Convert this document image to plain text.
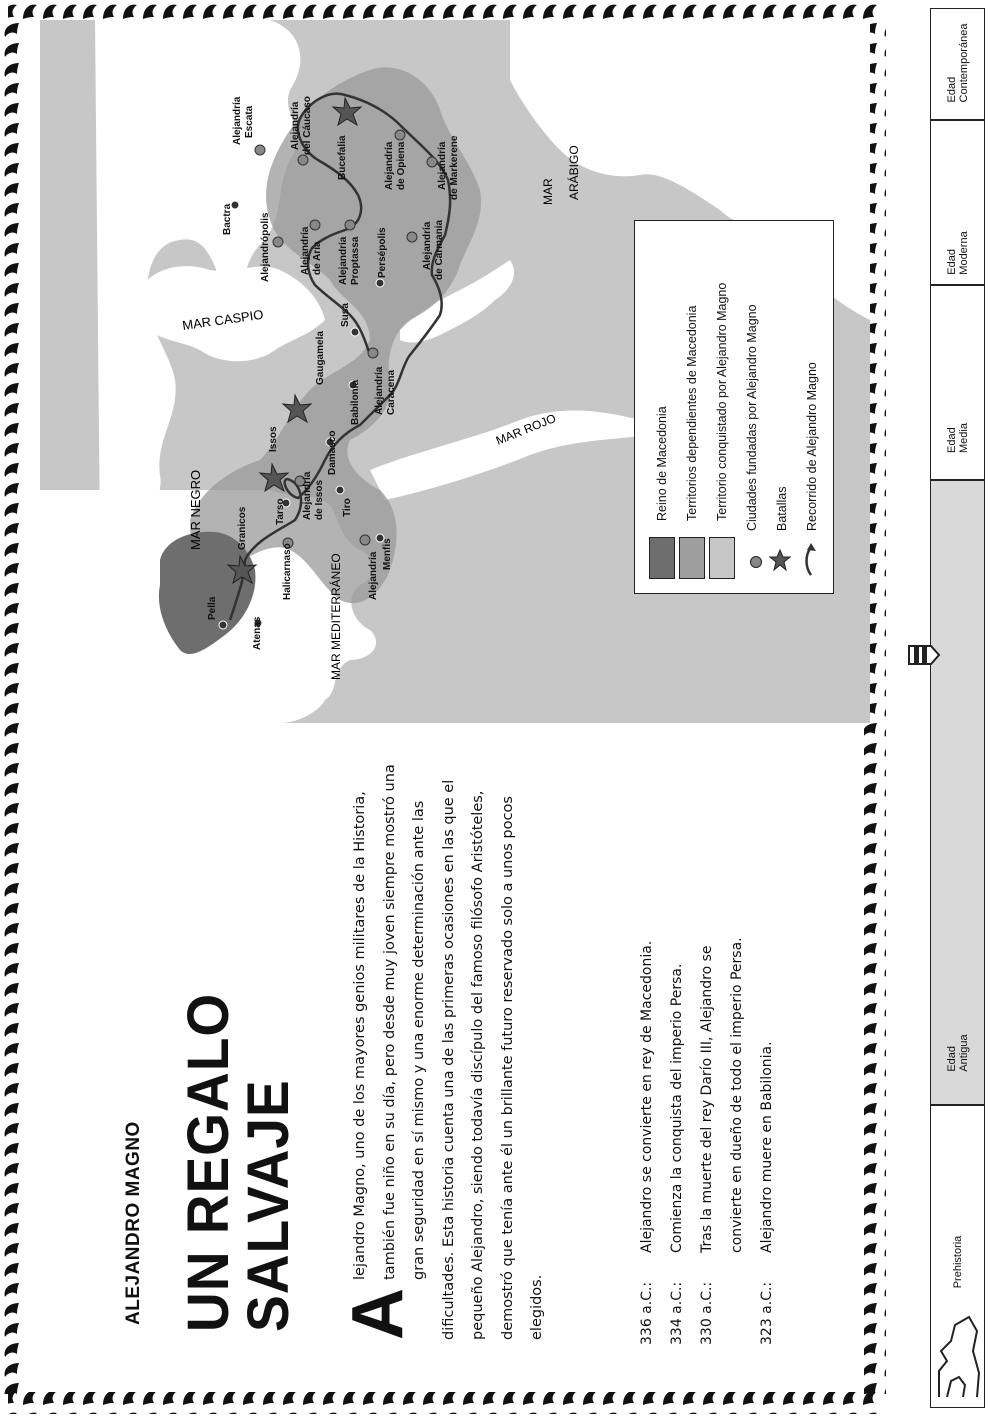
MAR CASPIO
MAR NEGRO
MAR MEDITERRÁNEO
MAR ROJO
MAR ARÁBIGO
Pella
Atenas
Halicarnaso
Granicos	Tarso
Issos
Alejandría de Issos Tiro
Alejandría Menfis
Damasco
Gaugamela
Babilonia Alejandría Caracena
Susa
Persépolis
Alejandría Proptassa
Alejandría de Aria
Alejandrópolis
Bactra
Alejandría Escata	Alejandría del Cáucaso
Bucefalia	Alejandría de Opiena	Alejandría de Markerene
Alejandría de Carmania
Reino de Macedonia Territorios dependientes de Macedonia Territorio conquistado por Alejandro Magno Ciudades fundadas por Alejandro Magno Batallas Recorrido de Alejandro Magno
ALEJANDRO MAGNO UN REGALO
SALVAJE A
lejandro Magno, uno de los mayores genios militares de la Historia, también fue niño en su día, pero desde muy joven siempre mostró una gran seguridad en sí mismo y una enorme determinación ante las dificultades. Esta historia cuenta una de las primeras ocasiones en las que el pequeño Alejandro, siendo todavía discípulo del famoso filósofo Aristóteles, demostró que tenía ante él un brillante futuro reservado solo a unos pocos elegidos.	336 a.C.:
Alejandro se convierte en rey de Macedonia.
334 a.C.:
Comienza la conquista del imperio Persa.
330 a.C.:
Tras la muerte del rey Darío III, Alejandro se	convierte en dueño de todo el imperio Persa.
323 a.C.:
Alejandro muere en Babilonia.
Prehistoria
Edad
Antigua
Edad
Media
Edad
Moderna
Edad
Contemporánea
